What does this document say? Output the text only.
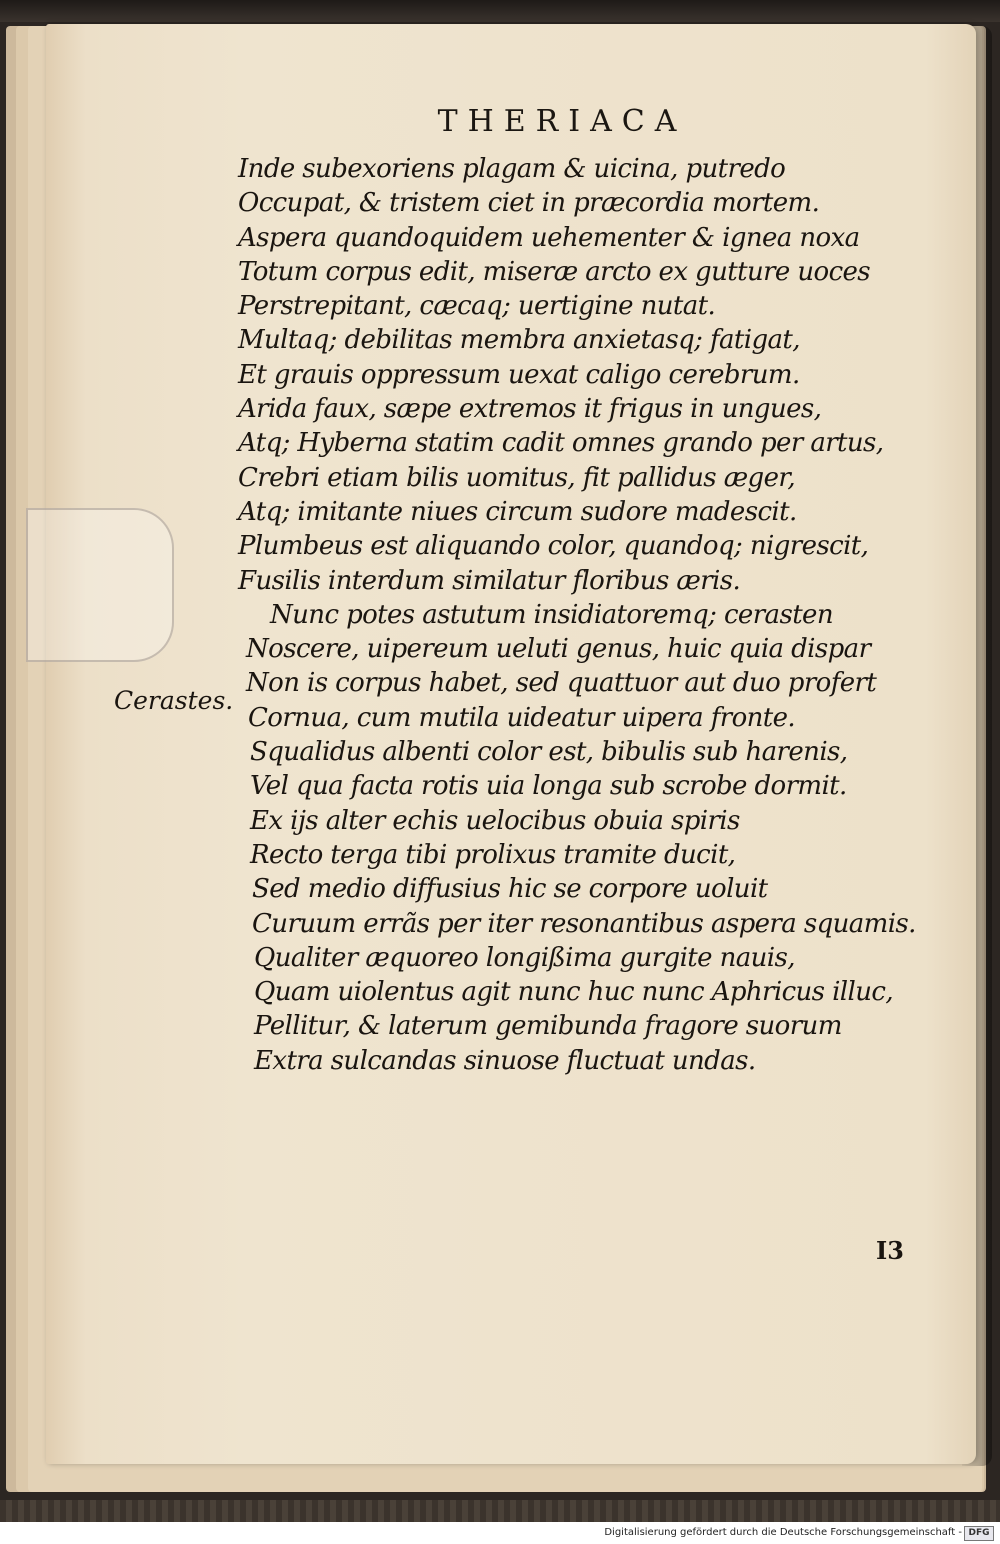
THERIACA
Inde subexoriens plagam & uicina, putredo
Occupat, & tristem ciet in præcordia mortem.
Aspera quandoquidem uehementer & ignea noxa
Totum corpus edit, miseræ arcto ex gutture uoces
Perstrepitant, cæcaq; uertigine nutat.
Multaq; debilitas membra anxietasq; fatigat,
Et grauis oppressum uexat caligo cerebrum.
Arida faux, sæpe extremos it frigus in ungues,
Atq; Hyberna statim cadit omnes grando per artus,
Crebri etiam bilis uomitus, fit pallidus æger,
Atq; imitante niues circum sudore madescit.
Plumbeus est aliquando color, quandoq; nigrescit,
Fusilis interdum similatur floribus æris.
Nunc potes astutum insidiatoremq; cerasten
Noscere, uipereum ueluti genus, huic quia dispar
Non is corpus habet, sed quattuor aut duo profert
Cornua, cum mutila uideatur uipera fronte.
Squalidus albenti color est, bibulis sub harenis,
Vel qua facta rotis uia longa sub scrobe dormit.
Ex ijs alter echis uelocibus obuia spiris
Recto terga tibi prolixus tramite ducit,
Sed medio diffusius hic se corpore uoluit
Curuum errãs per iter resonantibus aspera squamis.
Qualiter æquoreo longißima gurgite nauis,
Quam uiolentus agit nunc huc nunc Aphricus illuc,
Pellitur, & laterum gemibunda fragore suorum
Extra sulcandas sinuose fluctuat undas.
Cerastes.
I3
Digitalisierung gefördert durch die Deutsche Forschungsgemeinschaft - DFG
